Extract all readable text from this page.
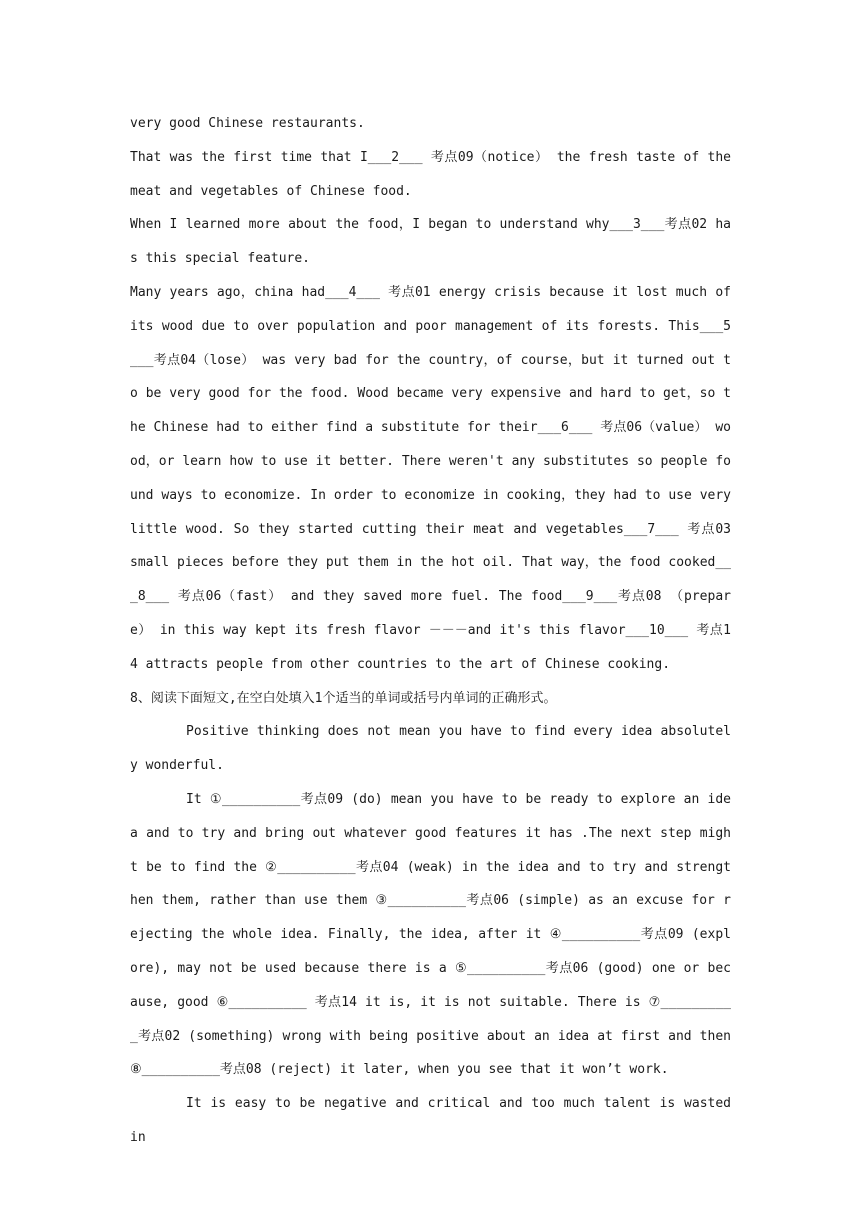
very good Chinese restaurants.

That was the first time that I___2___ 考点09（notice） the fresh taste of the meat and vegetables of Chinese food.

When I learned more about the food，I began to understand why___3___考点02 has this special feature.

Many years ago，china had___4___ 考点01 energy crisis because it lost much of its wood due to over population and poor management of its forests. This___5___考点04（lose） was very bad for the country，of course，but it turned out to be very good for the food. Wood became very expensive and hard to get，so the Chinese had to either find a substitute for their___6___ 考点06（value） wood，or learn how to use it better. There weren't any substitutes so people found ways to economize. In order to economize in cooking，they had to use very little wood. So they started cutting their meat and vegetables___7___ 考点03 small pieces before they put them in the hot oil. That way，the food cooked___8___ 考点06（fast） and they saved more fuel. The food___9___考点08 （prepare） in this way kept its fresh flavor －－－and it's this flavor___10___ 考点14 attracts people from other countries to the art of Chinese cooking.

8、阅读下面短文,在空白处填入1个适当的单词或括号内单词的正确形式。

Positive thinking does not mean you have to find every idea absolutely wonderful.

It ①__________考点09 (do) mean you have to be ready to explore an idea and to try and bring out whatever good features it has .The next step might be to find the ②__________考点04 (weak) in the idea and to try and strengthen them, rather than use them ③__________考点06 (simple) as an excuse for rejecting the whole idea. Finally, the idea, after it ④__________考点09 (explore), may not be used because there is a ⑤__________考点06 (good) one or because, good ⑥__________ 考点14 it is, it is not suitable. There is ⑦__________考点02 (something) wrong with being positive about an idea at first and then ⑧__________考点08 (reject) it later, when you see that it won’t work.

It is easy to be negative and critical and too much talent is wasted in
